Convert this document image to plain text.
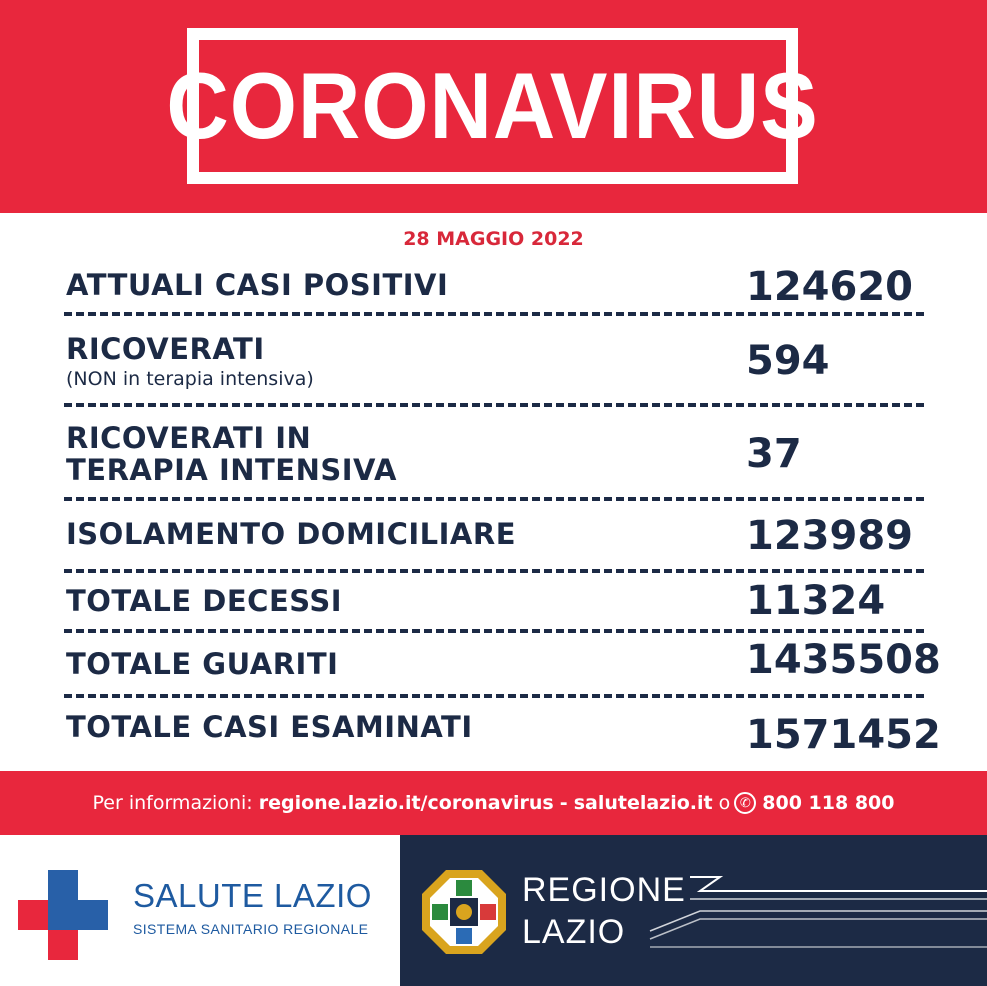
CORONAVIRUS
28 MAGGIO 2022
ATTUALI CASI POSITIVI	124620
RICOVERATI
(NON in terapia intensiva)	594
RICOVERATI IN
TERAPIA INTENSIVA	37
ISOLAMENTO DOMICILIARE	123989
TOTALE DECESSI	11324
TOTALE GUARITI	1435508
TOTALE CASI ESAMINATI	1571452
Per informazioni:
regione.lazio.it/coronavirus
-
salutelazio.it
o ✆ 800 118 800
SALUTE LAZIO
SISTEMA SANITARIO REGIONALE
REGIONE
LAZIO
